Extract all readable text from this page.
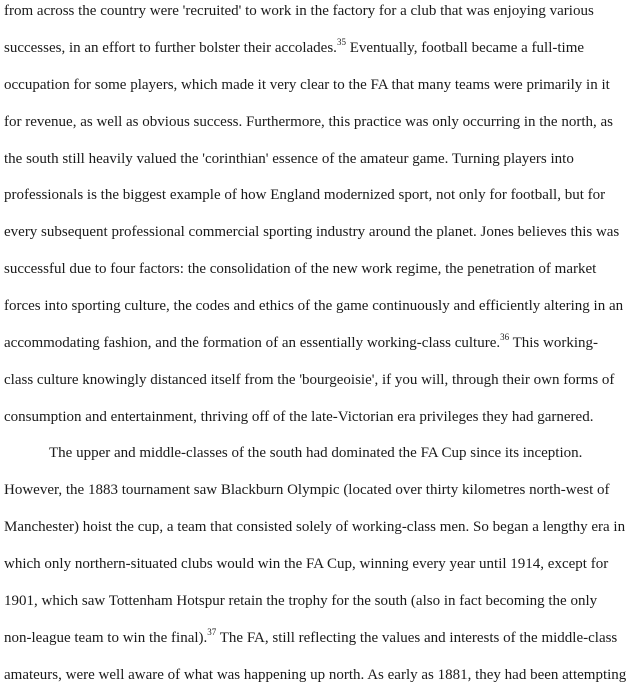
from across the country were 'recruited' to work in the factory for a club that was enjoying various
successes, in an effort to further bolster their accolades.$^{35}$ Eventually, football became a full-time
occupation for some players, which made it very clear to the FA that many teams were primarily in it
for revenue, as well as obvious success. Furthermore, this practice was only occurring in the north, as
the south still heavily valued the 'corinthian' essence of the amateur game. Turning players into
professionals is the biggest example of how England modernized sport, not only for football, but for
every subsequent professional commercial sporting industry around the planet. Jones believes this was
successful due to four factors: the consolidation of the new work regime, the penetration of market
forces into sporting culture, the codes and ethics of the game continuously and efficiently altering in an
accommodating fashion, and the formation of an essentially working-class culture.$^{36}$ This working-
class culture knowingly distanced itself from the 'bourgeoisie', if you will, through their own forms of
consumption and entertainment, thriving off of the late-Victorian era privileges they had garnered.
The upper and middle-classes of the south had dominated the FA Cup since its inception.
However, the 1883 tournament saw Blackburn Olympic (located over thirty kilometres north-west of
Manchester) hoist the cup, a team that consisted solely of working-class men. So began a lengthy era in
which only northern-situated clubs would win the FA Cup, winning every year until 1914, except for
1901, which saw Tottenham Hotspur retain the trophy for the south (also in fact becoming the only
non-league team to win the final).$^{37}$ The FA, still reflecting the values and interests of the middle-class
amateurs, were well aware of what was happening up north. As early as 1881, they had been attempting
